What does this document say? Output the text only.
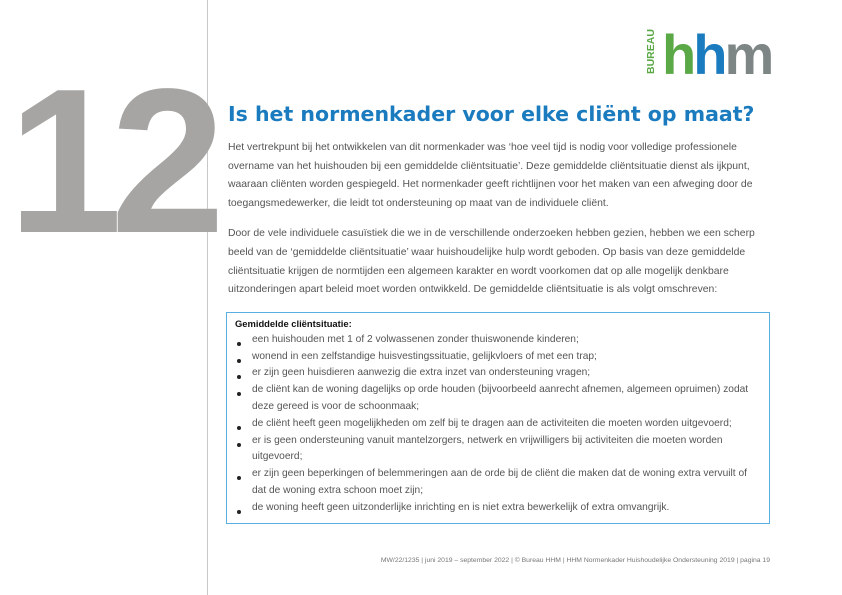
12	BUREAU hhm
Is het normenkader voor elke cliënt op maat?

Het vertrekpunt bij het ontwikkelen van dit normenkader was ‘hoe veel tijd is nodig voor volledige professionele overname van het huishouden bij een gemiddelde cliëntsituatie’. Deze gemiddelde cliëntsituatie dienst als ijkpunt, waaraan cliënten worden gespiegeld. Het normenkader geeft richtlijnen voor het maken van een afweging door de toegangsmedewerker, die leidt tot ondersteuning op maat van de individuele cliënt.

Door de vele individuele casuïstiek die we in de verschillende onderzoeken hebben gezien, hebben we een scherp beeld van de ‘gemiddelde cliëntsituatie’ waar huishoudelijke hulp wordt geboden. Op basis van deze gemiddelde cliëntsituatie krijgen de normtijden een algemeen karakter en wordt voorkomen dat op alle mogelijk denkbare uitzonderingen apart beleid moet worden ontwikkeld. De gemiddelde cliëntsituatie is als volgt omschreven:

Gemiddelde cliëntsituatie:
een huishouden met 1 of 2 volwassenen zonder thuiswonende kinderen;
wonend in een zelfstandige huisvestingssituatie, gelijkvloers of met een trap;
er zijn geen huisdieren aanwezig die extra inzet van ondersteuning vragen;
de cliënt kan de woning dagelijks op orde houden (bijvoorbeeld aanrecht afnemen, algemeen opruimen) zodat deze gereed is voor de schoonmaak;
de cliënt heeft geen mogelijkheden om zelf bij te dragen aan de activiteiten die moeten worden uitgevoerd;
er is geen ondersteuning vanuit mantelzorgers, netwerk en vrijwilligers bij activiteiten die moeten worden uitgevoerd;
er zijn geen beperkingen of belemmeringen aan de orde bij de cliënt die maken dat de woning extra vervuilt of dat de woning extra schoon moet zijn;
de woning heeft geen uitzonderlijke inrichting en is niet extra bewerkelijk of extra omvangrijk.
MW/22/1235 | juni 2019 – september 2022 | © Bureau HHM | HHM Normenkader Huishoudelijke Ondersteuning 2019 | pagina 19
